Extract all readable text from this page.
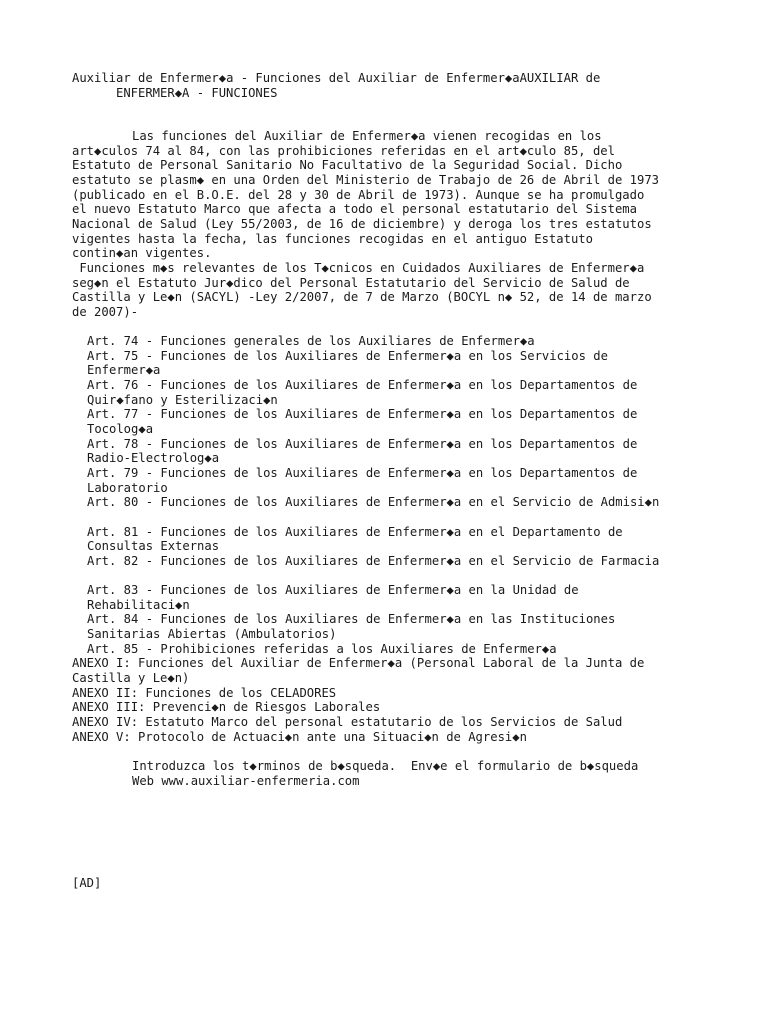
Auxiliar de Enfermer◆a - Funciones del Auxiliar de Enfermer◆aAUXILIAR de
ENFERMER◆A - FUNCIONES
Las funciones del Auxiliar de Enfermer◆a vienen recogidas en los
art◆culos 74 al 84, con las prohibiciones referidas en el art◆culo 85, del
Estatuto de Personal Sanitario No Facultativo de la Seguridad Social. Dicho
estatuto se plasm◆ en una Orden del Ministerio de Trabajo de 26 de Abril de 1973
(publicado en el B.O.E. del 28 y 30 de Abril de 1973). Aunque se ha promulgado
el nuevo Estatuto Marco que afecta a todo el personal estatutario del Sistema
Nacional de Salud (Ley 55/2003, de 16 de diciembre) y deroga los tres estatutos
vigentes hasta la fecha, las funciones recogidas en el antiguo Estatuto
contin◆an vigentes.
Funciones m◆s relevantes de los T◆cnicos en Cuidados Auxiliares de Enfermer◆a
seg◆n el Estatuto Jur◆dico del Personal Estatutario del Servicio de Salud de
Castilla y Le◆n (SACYL) -Ley 2/2007, de 7 de Marzo (BOCYL n◆ 52, de 14 de marzo
de 2007)-
Art. 74 - Funciones generales de los Auxiliares de Enfermer◆a
Art. 75 - Funciones de los Auxiliares de Enfermer◆a en los Servicios de
Enfermer◆a
Art. 76 - Funciones de los Auxiliares de Enfermer◆a en los Departamentos de
Quir◆fano y Esterilizaci◆n
Art. 77 - Funciones de los Auxiliares de Enfermer◆a en los Departamentos de
Tocolog◆a
Art. 78 - Funciones de los Auxiliares de Enfermer◆a en los Departamentos de
Radio-Electrolog◆a
Art. 79 - Funciones de los Auxiliares de Enfermer◆a en los Departamentos de
Laboratorio
Art. 80 - Funciones de los Auxiliares de Enfermer◆a en el Servicio de Admisi◆n
Art. 81 - Funciones de los Auxiliares de Enfermer◆a en el Departamento de
Consultas Externas
Art. 82 - Funciones de los Auxiliares de Enfermer◆a en el Servicio de Farmacia
Art. 83 - Funciones de los Auxiliares de Enfermer◆a en la Unidad de
Rehabilitaci◆n
Art. 84 - Funciones de los Auxiliares de Enfermer◆a en las Instituciones
Sanitarias Abiertas (Ambulatorios)
Art. 85 - Prohibiciones referidas a los Auxiliares de Enfermer◆a
ANEXO I: Funciones del Auxiliar de Enfermer◆a (Personal Laboral de la Junta de
Castilla y Le◆n)
ANEXO II: Funciones de los CELADORES
ANEXO III: Prevenci◆n de Riesgos Laborales
ANEXO IV: Estatuto Marco del personal estatutario de los Servicios de Salud
ANEXO V: Protocolo de Actuaci◆n ante una Situaci◆n de Agresi◆n
Introduzca los t◆rminos de b◆squeda.  Env◆e el formulario de b◆squeda
Web www.auxiliar-enfermeria.com
[AD]
